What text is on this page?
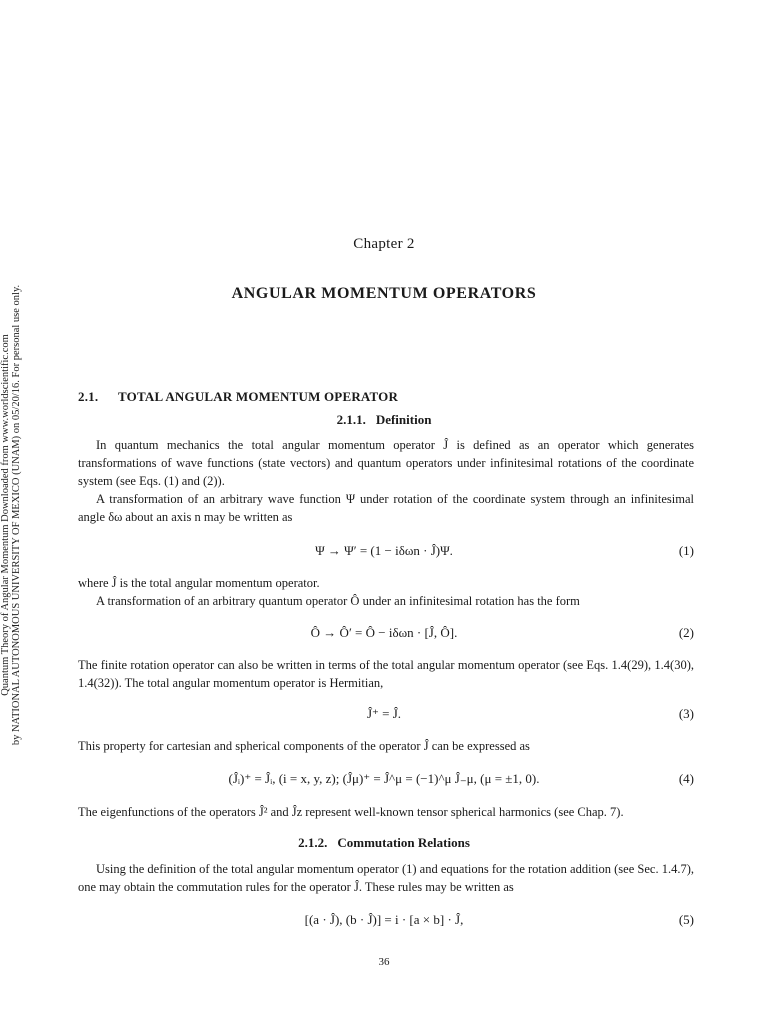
Quantum Theory of Angular Momentum Downloaded from www.worldscientific.com by NATIONAL AUTONOMOUS UNIVERSITY OF MEXICO (UNAM) on 05/20/16. For personal use only.
Chapter 2
ANGULAR MOMENTUM OPERATORS
2.1. TOTAL ANGULAR MOMENTUM OPERATOR
2.1.1. Definition
In quantum mechanics the total angular momentum operator Ĵ is defined as an operator which generates transformations of wave functions (state vectors) and quantum operators under infinitesimal rotations of the coordinate system (see Eqs. (1) and (2)).
A transformation of an arbitrary wave function Ψ under rotation of the coordinate system through an infinitesimal angle δω about an axis n may be written as
Ψ → Ψ′ = (1 − iδωn · Ĵ)Ψ.	(1)
where Ĵ is the total angular momentum operator.
A transformation of an arbitrary quantum operator Ô under an infinitesimal rotation has the form
Ô → Ô′ = Ô − iδωn · [Ĵ, Ô].	(2)
The finite rotation operator can also be written in terms of the total angular momentum operator (see Eqs. 1.4(29), 1.4(30), 1.4(32)). The total angular momentum operator is Hermitian,
Ĵ⁺ = Ĵ.	(3)
This property for cartesian and spherical components of the operator Ĵ can be expressed as
(Ĵᵢ)⁺ = Ĵᵢ, (i = x, y, z); (Ĵμ)⁺ = Ĵ^μ = (−1)^μ Ĵ₋μ, (μ = ±1, 0).	(4)
The eigenfunctions of the operators Ĵ² and Ĵz represent well-known tensor spherical harmonics (see Chap. 7).
2.1.2. Commutation Relations
Using the definition of the total angular momentum operator (1) and equations for the rotation addition (see Sec. 1.4.7), one may obtain the commutation rules for the operator Ĵ. These rules may be written as
[(a · Ĵ), (b · Ĵ)] = i · [a × b] · Ĵ,	(5)
36
